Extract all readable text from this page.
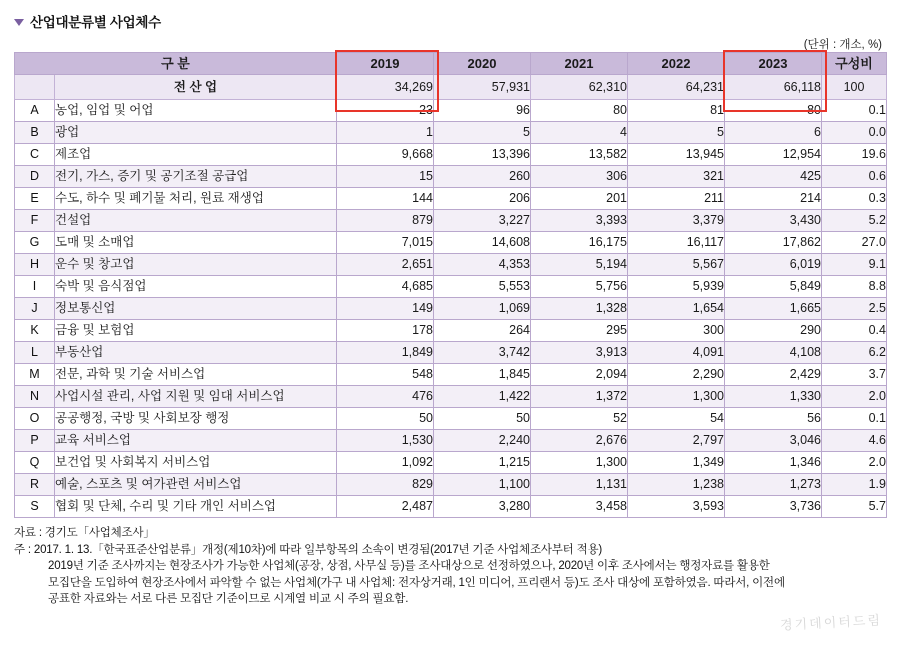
산업대분류별 사업체수
(단위 : 개소, %)
구 분		2019	2020	2021	2022	2023	구성비
	전 산 업	34,269	57,931	62,310	64,231	66,118	100
A	농업, 임업 및 어업	23	96	80	81	80	0.1
B	광업	1	5	4	5	6	0.0
C	제조업	9,668	13,396	13,582	13,945	12,954	19.6
D	전기, 가스, 증기 및 공기조절 공급업	15	260	306	321	425	0.6
E	수도, 하수 및 폐기물 처리, 원료 재생업	144	206	201	211	214	0.3
F	건설업	879	3,227	3,393	3,379	3,430	5.2
G	도매 및 소매업	7,015	14,608	16,175	16,117	17,862	27.0
H	운수 및 창고업	2,651	4,353	5,194	5,567	6,019	9.1
I	숙박 및 음식점업	4,685	5,553	5,756	5,939	5,849	8.8
J	정보통신업	149	1,069	1,328	1,654	1,665	2.5
K	금융 및 보험업	178	264	295	300	290	0.4
L	부동산업	1,849	3,742	3,913	4,091	4,108	6.2
M	전문, 과학 및 기술 서비스업	548	1,845	2,094	2,290	2,429	3.7
N	사업시설 관리, 사업 지원 및 임대 서비스업	476	1,422	1,372	1,300	1,330	2.0
O	공공행정, 국방 및 사회보장 행정	50	50	52	54	56	0.1
P	교육 서비스업	1,530	2,240	2,676	2,797	3,046	4.6
Q	보건업 및 사회복지 서비스업	1,092	1,215	1,300	1,349	1,346	2.0
R	예술, 스포츠 및 여가관련 서비스업	829	1,100	1,131	1,238	1,273	1.9
S	협회 및 단체, 수리 및 기타 개인 서비스업	2,487	3,280	3,458	3,593	3,736	5.7
자료 : 경기도「사업체조사」
주 : 2017. 1. 13.「한국표준산업분류」개정(제10차)에 따라 일부항목의 소속이 변경됨(2017년 기준 사업체조사부터 적용)
2019년 기준 조사까지는 현장조사가 가능한 사업체(공장, 상점, 사무실 등)를 조사대상으로 선정하였으나, 2020년 이후 조사에서는 행정자료를 활용한
모집단을 도입하여 현장조사에서 파악할 수 없는 사업체(가구 내 사업체: 전자상거래, 1인 미디어, 프리랜서 등)도 조사 대상에 포함하였음. 따라서, 이전에
공표한 자료와는 서로 다른 모집단 기준이므로 시계열 비교 시 주의 필요함.
경기데이터드림
